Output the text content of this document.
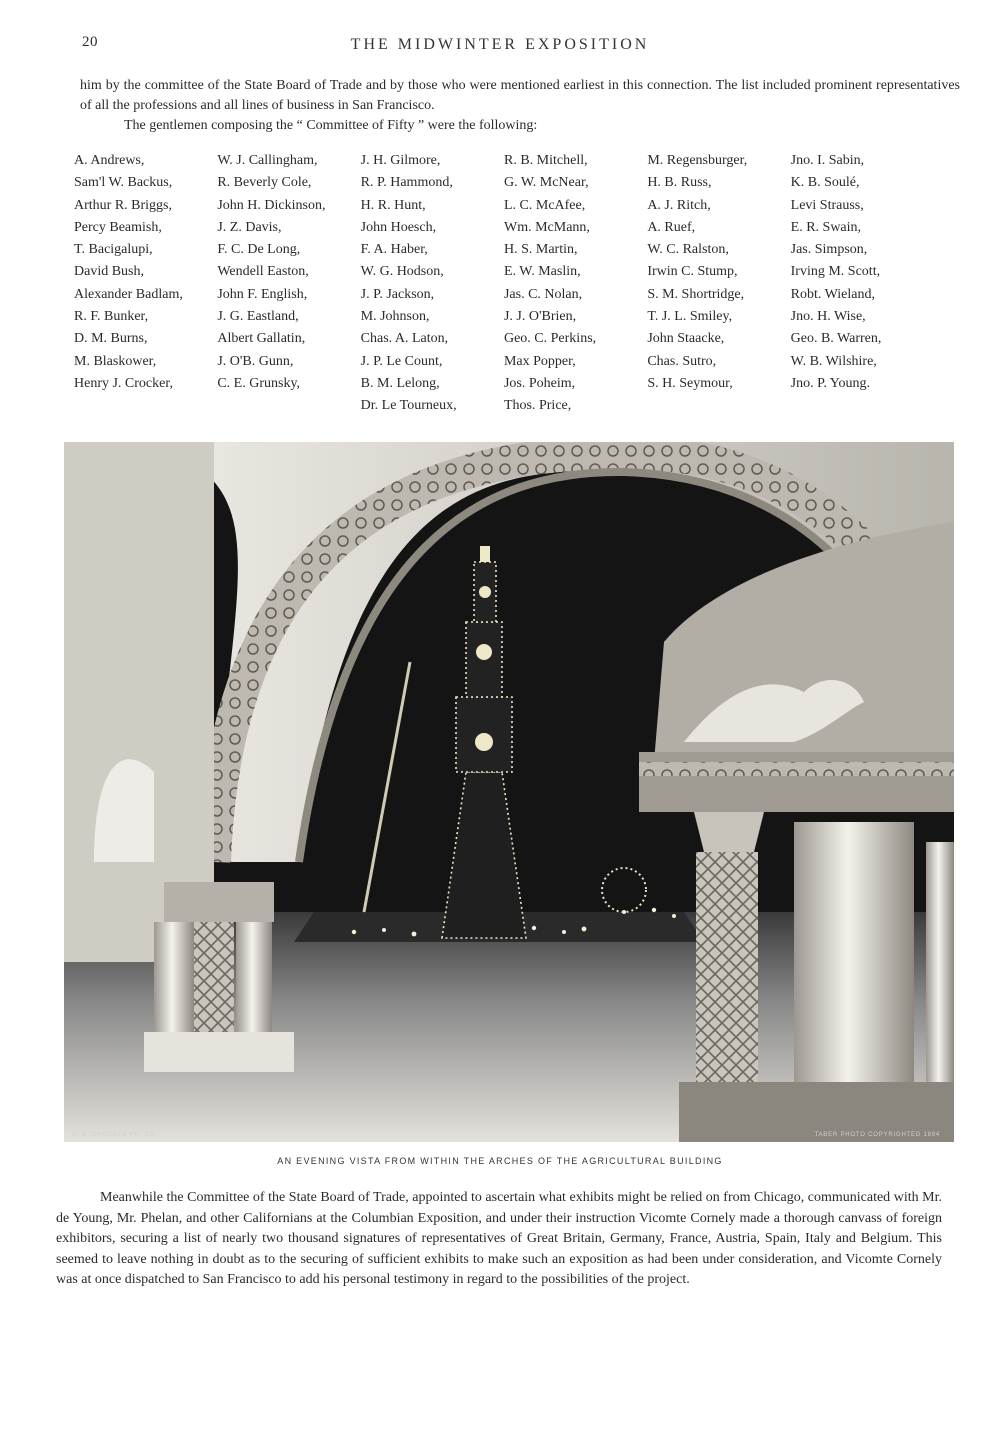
20	THE MIDWINTER EXPOSITION

him by the committee of the State Board of Trade and by those who were mentioned earliest in this connection. The list included prominent representatives of all the professions and all lines of business in San Francisco.

The gentlemen composing the “ Committee of Fifty ” were the following:

A. Andrews,
Sam'l W. Backus,
Arthur R. Briggs,
Percy Beamish,
T. Bacigalupi,
David Bush,
Alexander Badlam,
R. F. Bunker,
D. M. Burns,
M. Blaskower,
Henry J. Crocker,
W. J. Callingham,
R. Beverly Cole,
John H. Dickinson,
J. Z. Davis,
F. C. De Long,
Wendell Easton,
John F. English,
J. G. Eastland,
Albert Gallatin,
J. O'B. Gunn,
C. E. Grunsky,
J. H. Gilmore,
R. P. Hammond,
H. R. Hunt,
John Hoesch,
F. A. Haber,
W. G. Hodson,
J. P. Jackson,
M. Johnson,
Chas. A. Laton,
J. P. Le Count,
B. M. Lelong,
Dr. Le Tourneux,
R. B. Mitchell,
G. W. McNear,
L. C. McAfee,
Wm. McMann,
H. S. Martin,
E. W. Maslin,
Jas. C. Nolan,
J. J. O'Brien,
Geo. C. Perkins,
Max Popper,
Jos. Poheim,
Thos. Price,
M. Regensburger,
H. B. Russ,
A. J. Ritch,
A. Ruef,
W. C. Ralston,
Irwin C. Stump,
S. M. Shortridge,
T. J. L. Smiley,
John Staacke,
Chas. Sutro,
S. H. Seymour,
Jno. I. Sabin,
K. B. Soulé,
Levi Strauss,
E. R. Swain,
Jas. Simpson,
Irving M. Scott,
Robt. Wieland,
Jno. H. Wise,
Geo. B. Warren,
W. B. Wilshire,
Jno. P. Young.
H. S. CROCKER PR. CO.	TABER PHOTO COPYRIGHTED 1894
AN EVENING VISTA FROM WITHIN THE ARCHES OF THE AGRICULTURAL BUILDING

Meanwhile the Committee of the State Board of Trade, appointed to ascertain what exhibits might be relied on from Chicago, communicated with Mr. de Young, Mr. Phelan, and other Californians at the Columbian Exposition, and under their instruction Vicomte Cornely made a thorough canvass of foreign exhibitors, securing a list of nearly two thousand signatures of representatives of Great Britain, Germany, France, Austria, Spain, Italy and Belgium. This seemed to leave nothing in doubt as to the securing of sufficient exhibits to make such an exposition as had been under consideration, and Vicomte Cornely was at once dispatched to San Francisco to add his personal testimony in regard to the possibilities of the project.
